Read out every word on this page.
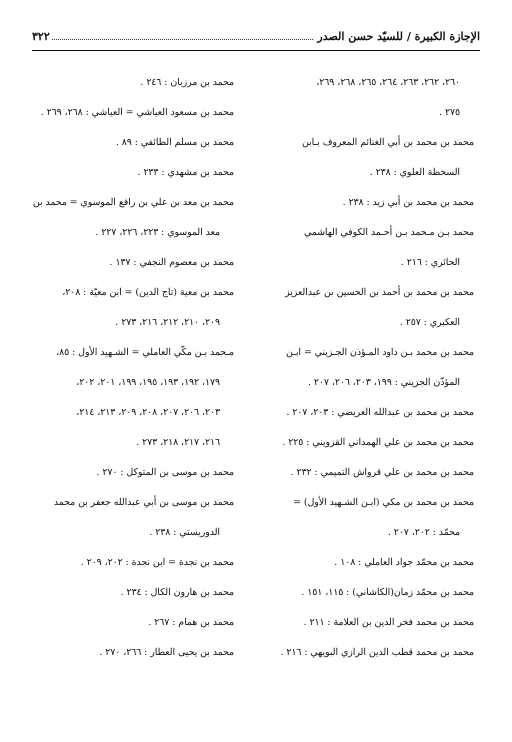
الإجازة الكبيرة / للسيّد حسن الصدر
٣٢٢
٢٦٠، ٢٦٢، ٢٦٣، ٢٦٤، ٢٦٥، ٢٦٨، ٢٦٩،
٢٧٥ .
محمد بن محمد بن أبي الغنائم المعروف بـابن
السخطة العلوي : ٢٣٨ .
محمد بن محمد بن أبي زيد : ٢٣٨ .
محمد بـن مـحمد بـن أحـمد الكوفي الهاشمي
الحائري : ٢١٦ .
محمد بن محمد بن أحمد بن الحسين بن عبدالعزيز
العكبري : ٢٥٧ .
محمد بن محمد بـن داود المـؤذن الجـزيني = ابـن
المؤذّن الجزيني : ١٩٩، ٢٠٣، ٢٠٦، ٢٠٧ .
محمد بن محمد بن عبدالله العريضي : ٢٠٣، ٢٠٧ .
محمد بن محمد بن علي الهمداني القزويني : ٢٢٥ .
محمد بن محمد بن علي قرواش التميمي : ٢٣٢ .
محمد بن محمد بن مكي (ابـن الشـهيد الأول) =
محمّد : ٢٠٢، ٢٠٧ .
محمد بن محمّد جواد العاملي : ١٠٨ .
محمد بن محمّد زمان(الكاشاني) : ١١٥، ١٥١ .
محمد بن محمد فخر الدين بن العلامة : ٢١١ .
محمد بن محمد قطب الدين الرازي البويهي : ٢١٦ .
محمد بن مرزبان : ٢٤٦ .
محمد بن مسعود العياشي = العياشي : ٢٦٨، ٢٦٩ .
محمد بن مسلم الطائفي : ٨٩ .
محمد بن مشهدي : ٢٣٣ .
محمد بن معد بن علي بن رافع الموسوي = محمد بن
معد الموسوي : ٢٢٣، ٢٢٦، ٢٢٧ .
محمد بن معصوم النجفي : ١٣٧ .
محمد بن معية (تاج الدين) = ابن معيّة : ٢٠٨،
٢٠٩، ٢١٠، ٢١٢، ٢١٦، ٢٧٣ .
مـحمد بـن مكّي العاملي = الشـهيد الأول : ٨٥،
١٧٩، ١٩٢، ١٩٣، ١٩٥، ١٩٩، ٢٠١، ٢٠٢،
٢٠٣، ٢٠٦، ٢٠٧، ٢٠٨، ٢٠٩، ٢١٣، ٢١٤،
٢١٦، ٢١٧، ٢١٨، ٢٧٣ .
محمد بن موسى بن المتوكل : ٢٧٠ .
محمد بن موسى بن أبي عبدالله جعفر بن محمد
الدوريستي : ٢٣٨ .
محمد بن نجدة = ابن نجدة : ٢٠٢، ٢٠٩ .
محمد بن هارون الكال : ٢٣٤ .
محمد بن همام : ٢٦٧ .
محمد بن يحيى العطار : ٢٦٦، ٢٧٠ .
